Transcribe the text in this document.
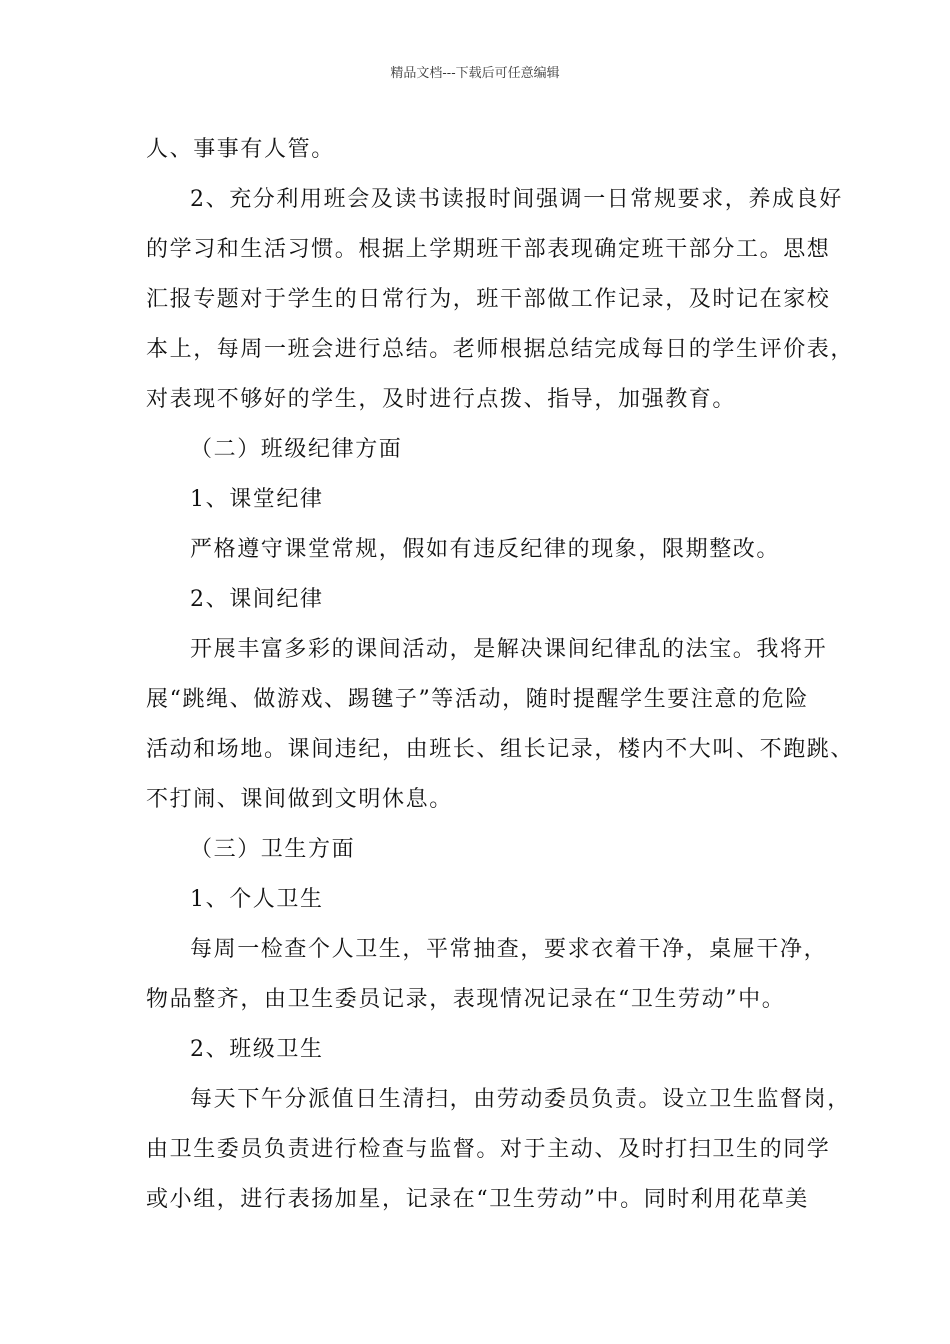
精品文档---下载后可任意编辑
人、事事有人管。
2、充分利用班会及读书读报时间强调一日常规要求，养成良好
的学习和生活习惯。根据上学期班干部表现确定班干部分工。思想
汇报专题对于学生的日常行为，班干部做工作记录，及时记在家校
本上，每周一班会进行总结。老师根据总结完成每日的学生评价表，
对表现不够好的学生，及时进行点拨、指导，加强教育。
（二）班级纪律方面
1、课堂纪律
严格遵守课堂常规，假如有违反纪律的现象，限期整改。
2、课间纪律
开展丰富多彩的课间活动，是解决课间纪律乱的法宝。我将开
展“跳绳、做游戏、踢毽子”等活动，随时提醒学生要注意的危险
活动和场地。课间违纪，由班长、组长记录，楼内不大叫、不跑跳、
不打闹、课间做到文明休息。
（三）卫生方面
1、个人卫生
每周一检查个人卫生，平常抽查，要求衣着干净，桌屉干净，
物品整齐，由卫生委员记录，表现情况记录在“卫生劳动”中。
2、班级卫生
每天下午分派值日生清扫，由劳动委员负责。设立卫生监督岗，
由卫生委员负责进行检查与监督。对于主动、及时打扫卫生的同学
或小组，进行表扬加星，记录在“卫生劳动”中。同时利用花草美
